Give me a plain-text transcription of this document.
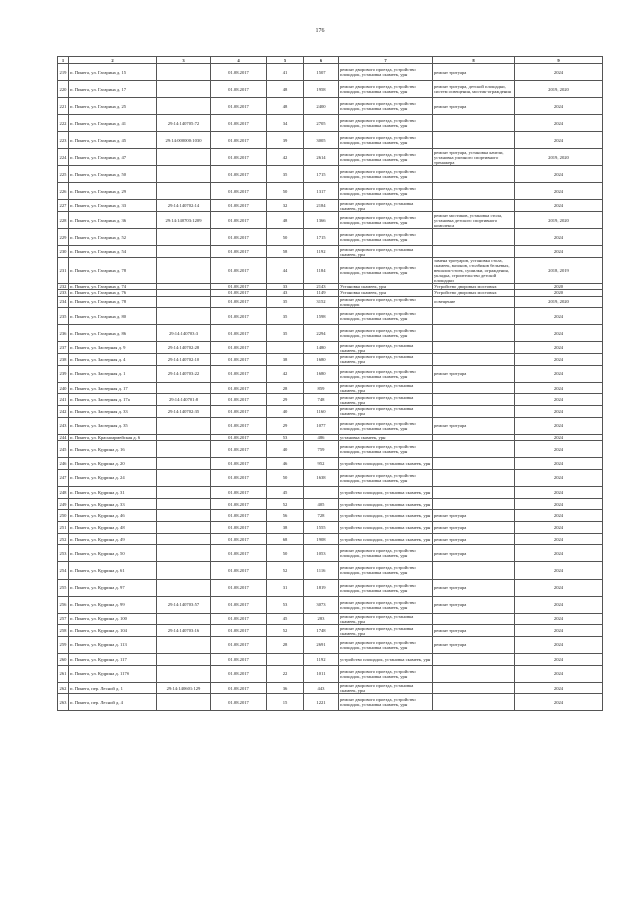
176
1	2	3	4	5	6	7	8	9
219	п. Пинега, ул. Гагарина д. 15		01.08.2017	41	1507	ремонт дворового проезда, устройство площадок, установка скамеек, урн	ремонт тротуара	2024
220	п. Пинега, ул. Гагарина д. 17		01.08.2017	48	1958	ремонт дворового проезда, устройство площадок, установка скамеек, урн	ремонт тротуара, детской площадки, систем освещения, мостик-ограждения	2019, 2020
221	п. Пинега, ул. Гагарина д. 25		01.08.2017	48	2400	ремонт дворового проезда, устройство площадок, установка скамеек, урн	ремонт тротуара	2024
222	п. Пинега, ул. Гагарина д. 41	29:14:140705:72	01.08.2017	34	2705	ремонт дворового проезда, устройство площадок, установка скамеек, урн		2024
223	п. Пинега, ул. Гагарина д. 45	29:14:000000:1030	01.08.2017	39	3005	ремонт дворового проезда, устройство площадок, установка скамеек, урн		2024
224	п. Пинега, ул. Гагарина д. 47		01.08.2017	42	2614	ремонт дворового проезда, устройство площадок, установка скамеек, урн	ремонт тротуара, установка качели, установка уличного спортивного тренажера	2019, 2020
225	п. Пинега, ул. Гагарина д. 50		01.08.2017	35	1715	ремонт дворового проезда, устройство площадок, установка скамеек, урн		2024
226	п. Пинега, ул. Гагарина д. 29		01.08.2017	50	1317	ремонт дворового проезда, устройство площадок, установка скамеек, урн		2024
227	п. Пинега, ул. Гагарина д. 33	29:14:140702:14	01.08.2017	32	2184	ремонт дворового проезда, установка скамеек, урн		2024
228	п. Пинега, ул. Гагарина д. 36	29:14:140703:1209	01.08.2017	48	1366	ремонт дворового проезда, устройство площадок, установка скамеек, урн	ремонт мостиков, установка стола, установка детского спортивного комплекса	2019, 2020
229	п. Пинега, ул. Гагарина д. 52		01.08.2017	50	1715	ремонт дворового проезда, устройство площадок, установка скамеек, урн		2024
230	п. Пинега, ул. Гагарина д. 54		01.08.2017	58	1192	ремонт дворового проезда, установка скамеек, урн		2024
231	п. Пинега, ул. Гагарина д. 78		01.08.2017	44	1184	ремонт дворового проезда, устройство площадок, установка скамеек, урн	замена тротуаров, установка стола, скамеек, вазонов, столбиков бельевых, вешалок-стоек, сушилки, ограждения, укладка, строительство детской площадки	2018, 2019
232	п. Пинега, ул. Гагарина д. 74		01.08.2017	33	2143	Установка скамеек, урн	Устройство дворовых мостовых	2020
233	п. Пинега, ул. Гагарина д. 76		01.08.2017	43	1149	Установка скамеек, урн	Устройство дворовых мостовых	2020
234	п. Пинега, ул. Гагарина д. 78		01.08.2017	35	3152	ремонт дворового проезда, устройство площадок	освещение	2019, 2020
235	п. Пинега, ул. Гагарина д. 80		01.08.2017	35	1598	ремонт дворового проезда, устройство площадок, установка скамеек, урн		2024
236	п. Пинега, ул. Гагарина д. 86	29:14:140703:3	01.08.2017	35	2294	ремонт дворового проезда, устройство площадок, установка скамеек, урн		2024
237	п. Пинега, ул. Заозерная д. 9	29:14:140702:28	01.08.2017		1480	ремонт дворового проезда, установка скамеек, урн		2024
238	п. Пинега, ул. Заозерная д. 4	29:14:140702:10	01.08.2017	38	1680	ремонт дворового проезда, установка скамеек, урн		2024
239	п. Пинега, ул. Заозерная д. 1	29:14:140703:22	01.08.2017	42	1680	ремонт дворового проезда, устройство площадок, установка скамеек, урн	ремонт тротуара	2024
240	п. Пинега, ул. Заозерная д. 17		01.08.2017	28	859	ремонт дворового проезда, установка скамеек, урн		2024
241	п. Пинега, ул. Заозерная д. 17а	29:14:140701:8	01.08.2017	29	748	ремонт дворового проезда, установка скамеек, урн		2024
242	п. Пинега, ул. Заозерная д. 33	29:14:140702:35	01.08.2017	40	1160	ремонт дворового проезда, установка скамеек, урн		2024
243	п. Пинега, ул. Заозерная д. 35		01.08.2017	29	1077	ремонт дворового проезда, устройство площадок, установка скамеек, урн	ремонт тротуара	2024
244	п. Пинега, ул. Красноармейская д. 6		01.08.2017	53	486	установка скамеек, урн		2024
245	п. Пинега, ул. Кудрина д. 16		01.08.2017	40	759	ремонт дворового проезда, устройство площадок, установка скамеек, урн		2024
246	п. Пинега, ул. Кудрина д. 20		01.08.2017	46	952	устройство площадок, установка скамеек, урн		2024
247	п. Пинега, ул. Кудрина д. 24		01.08.2017	50	1638	ремонт дворового проезда, устройство площадок, установка скамеек, урн		2024
248	п. Пинега, ул. Кудрина д. 31		01.08.2017	45		устройство площадок, установка скамеек, урн		2024
249	п. Пинега, ул. Кудрина д. 33		01.08.2017	52	405	устройство площадок, установка скамеек, урн		2024
250	п. Пинега, ул. Кудрина д. 46		01.08.2017	56	728	устройство площадок, установка скамеек, урн	ремонт тротуара	2024
251	п. Пинега, ул. Кудрина д. 48		01.08.2017	38	1555	устройство площадок, установка скамеек, урн	ремонт тротуара	2024
252	п. Пинега, ул. Кудрина д. 49		01.08.2017	68	1908	устройство площадок, установка скамеек, урн	ремонт тротуара	2024
253	п. Пинега, ул. Кудрина д. 50		01.08.2017	50	1053	ремонт дворового проезда, устройство площадок, установка скамеек, урн	ремонт тротуара	2024
254	п. Пинега, ул. Кудрина д. 61		01.08.2017	52	1116	ремонт дворового проезда, устройство площадок, установка скамеек, урн		2024
255	п. Пинега, ул. Кудрина д. 97		01.08.2017	31	1819	ремонт дворового проезда, устройство площадок, установка скамеек, урн	ремонт тротуара	2024
256	п. Пинега, ул. Кудрина д. 99	29:14:140703:57	01.08.2017	53	3073	ремонт дворового проезда, устройство площадок, установка скамеек, урн	ремонт тротуара	2024
257	п. Пинега, ул. Кудрина д. 100		01.08.2017	45	283	ремонт дворового проезда, установка скамеек, урн		2024
258	п. Пинега, ул. Кудрина д. 104	29:14:140703:16	01.08.2017	52	1748	ремонт дворового проезда, установка скамеек, урн	ремонт тротуара	2024
259	п. Пинега, ул. Кудрина д. 113		01.08.2017	28	2691	ремонт дворового проезда, устройство площадок, установка скамеек, урн	ремонт тротуара	2024
260	п. Пинега, ул. Кудрина д. 117		01.08.2017		1192	устройство площадок, установка скамеек, урн		2024
261	п. Пинега, ул. Кудрина д. 117б		01.08.2017	22	1011	ремонт дворового проезда, устройство площадок, установка скамеек, урн		2024
262	п. Пинега, пер. Лесной д. 1	29:14:140601:129	01.08.2017	36	443	ремонт дворового проезда, установка скамеек, урн		2024
263	п. Пинега, пер. Лесной д. 4		01.08.2017	15	1221	ремонт дворового проезда, устройство площадок, установка скамеек, урн		2024
